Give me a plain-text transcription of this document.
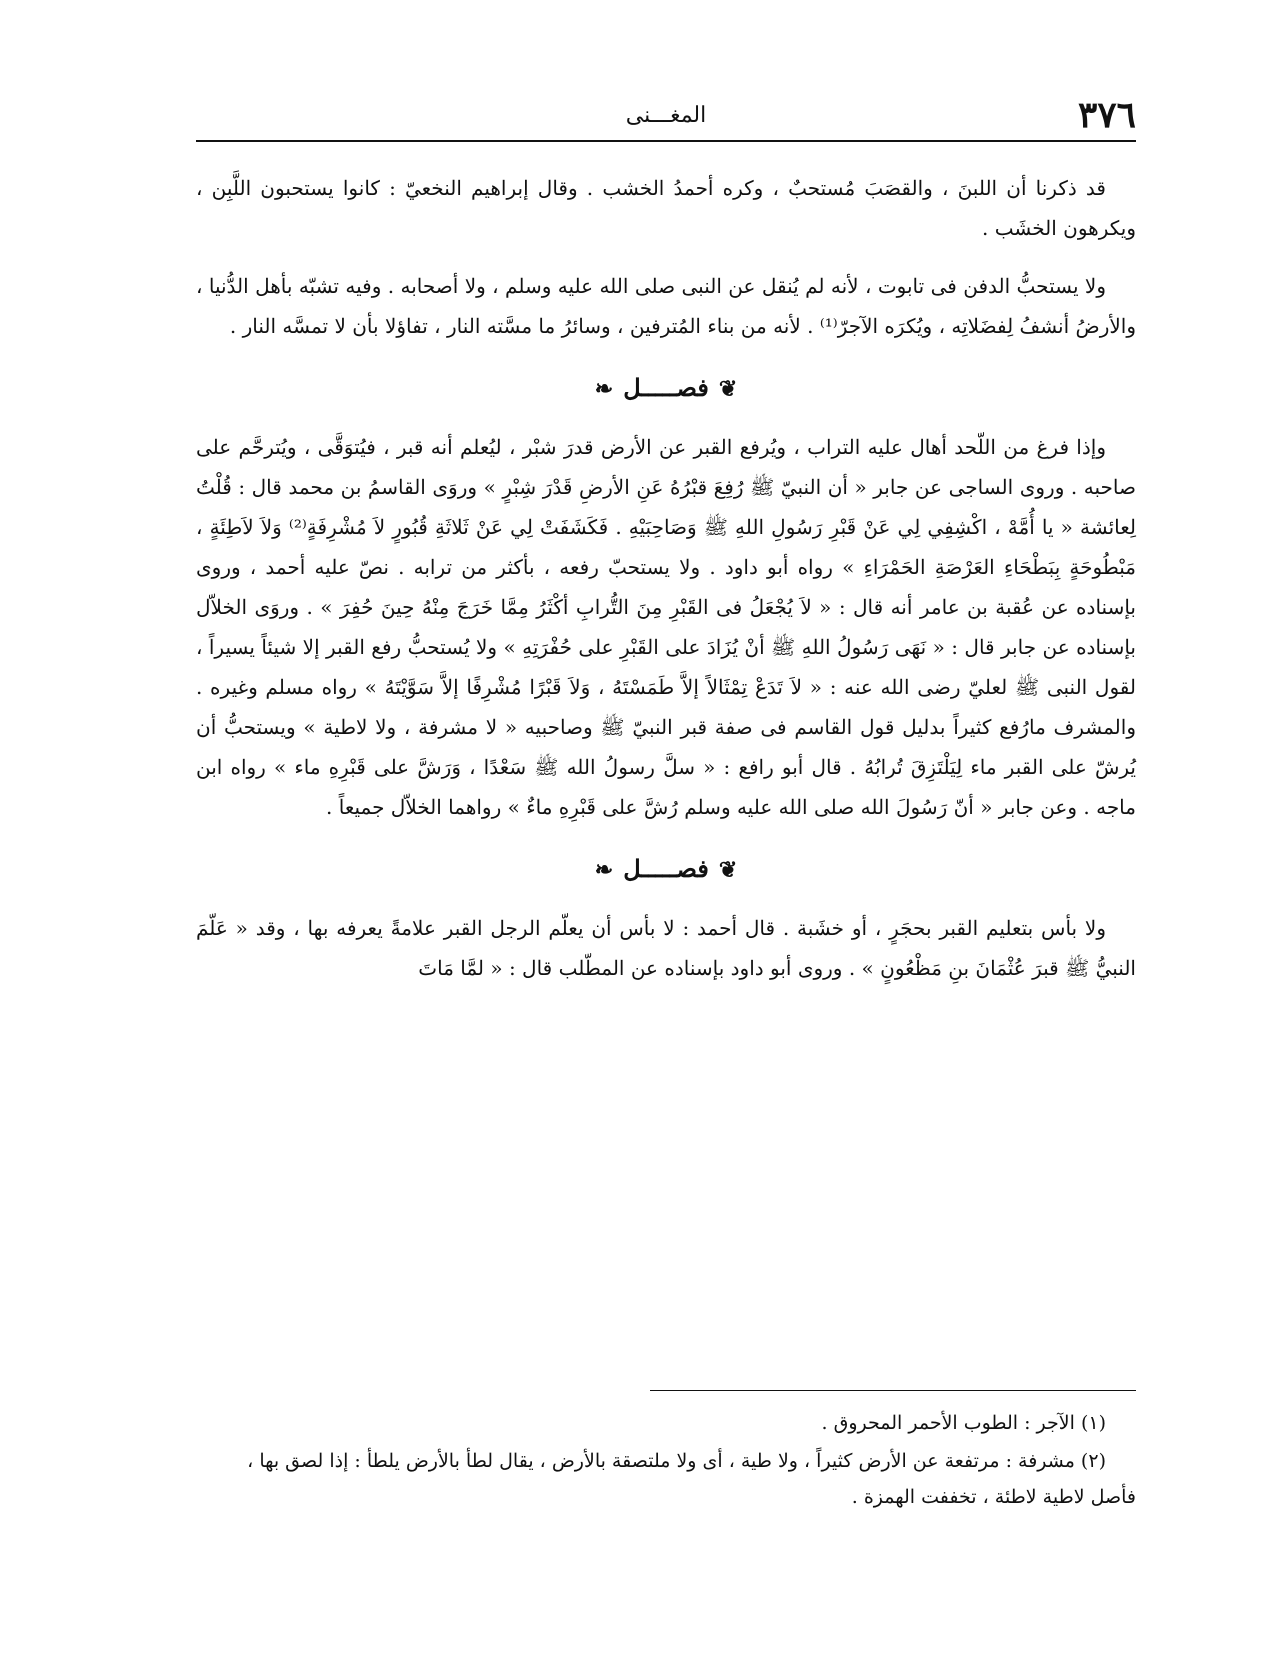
٣٧٦
المغـــنى

قد ذكرنا أن اللبنَ ، والقصَبَ مُستحبٌ ، وكره أحمدُ الخشب . وقال إبراهيم النخعيّ : كانوا يستحبون اللَّبِن ، ويكرهون الخشَب .

ولا يستحبُّ الدفن فى تابوت ، لأنه لم يُنقل عن النبى صلى الله عليه وسلم ، ولا أصحابه . وفيه تشبّه بأهل الدُّنيا ، والأرضُ أنشفُ لِفضَلاتِه ، ويُكرَه الآجرّ⁽¹⁾ . لأنه من بناء المُترفين ، وسائرُ ما مسَّته النار ، تفاؤلا بأن لا تمسَّه النار .

❦فصـــــل❧

وإذا فرغ من اللّحد أهال عليه التراب ، ويُرفع القبر عن الأرض قدرَ شبْر ، ليُعلم أنه قبر ، فيُتوَقَّى ، ويُترحَّم على صاحبه . وروى الساجى عن جابر « أن النبيّ ﷺ رُفِعَ قبْرُهُ عَنِ الأرضِ قَدْرَ شِبْرٍ » وروَى القاسمُ بن محمد قال : قُلْتُ لِعائشة « يا أُمَّهْ ، اكْشِفِي لِي عَنْ قَبْرِ رَسُولِ اللهِ ﷺ وَصَاحِبَيْهِ . فَكَشَفَتْ لِي عَنْ ثَلاثَةِ قُبُورٍ لاَ مُشْرِفَةٍ⁽²⁾ وَلاَ لاَطِئَةٍ ، مَبْطُوحَةٍ بِبَطْحَاءِ العَرْصَةِ الحَمْرَاءِ » رواه أبو داود . ولا يستحبّ رفعه ، بأكثر من ترابه . نصّ عليه أحمد ، وروى بإسناده عن عُقبة بن عامر أنه قال : « لاَ يُجْعَلُ فى القَبْرِ مِنَ التُّرابِ أكْثَرُ مِمَّا خَرَجَ مِنْهُ حِينَ حُفِرَ » . وروَى الخلاّل بإسناده عن جابر قال : « نَهَى رَسُولُ اللهِ ﷺ أنْ يُزَادَ على القَبْرِ على حُفْرَتِهِ » ولا يُستحبُّ رفع القبر إلا شيئاً يسيراً ، لقول النبى ﷺ لعليّ رضى الله عنه : « لاَ تَدَعْ تِمْثَالاً إلاَّ طَمَسْتَهُ ، وَلاَ قَبْرًا مُشْرِفًا إلاَّ سَوَّيْتَهُ » رواه مسلم وغيره . والمشرف مارُفع كثيراً بدليل قول القاسم فى صفة قبر النبيّ ﷺ وصاحبيه « لا مشرفة ، ولا لاطية » ويستحبُّ أن يُرشّ على القبر ماء لِيَلْتَزِقَ تُرابُهُ . قال أبو رافع : « سلَّ رسولُ الله ﷺ سَعْدًا ، وَرَشَّ على قَبْرِهِ ماء » رواه ابن ماجه . وعن جابر « أنّ رَسُولَ الله صلى الله عليه وسلم رُشَّ على قَبْرِهِ ماءٌ » رواهما الخلاّل جميعاً .

❦فصـــــل❧

ولا بأس بتعليم القبر بحجَرٍ ، أو خشَبة . قال أحمد : لا بأس أن يعلّم الرجل القبر علامةً يعرفه بها ، وقد « عَلّمَ النبيُّ ﷺ قبرَ عُثْمَانَ بنِ مَظْعُونٍ » . وروى أبو داود بإسناده عن المطّلب قال : « لمَّا مَاتَ

(١) الآجر : الطوب الأحمر المحروق .

(٢) مشرفة : مرتفعة عن الأرض كثيراً ، ولا طية ، أى ولا ملتصقة بالأرض ، يقال لطأ بالأرض يلطأ : إذا لصق بها ، فأصل لاطية لاطئة ، تخففت الهمزة .
